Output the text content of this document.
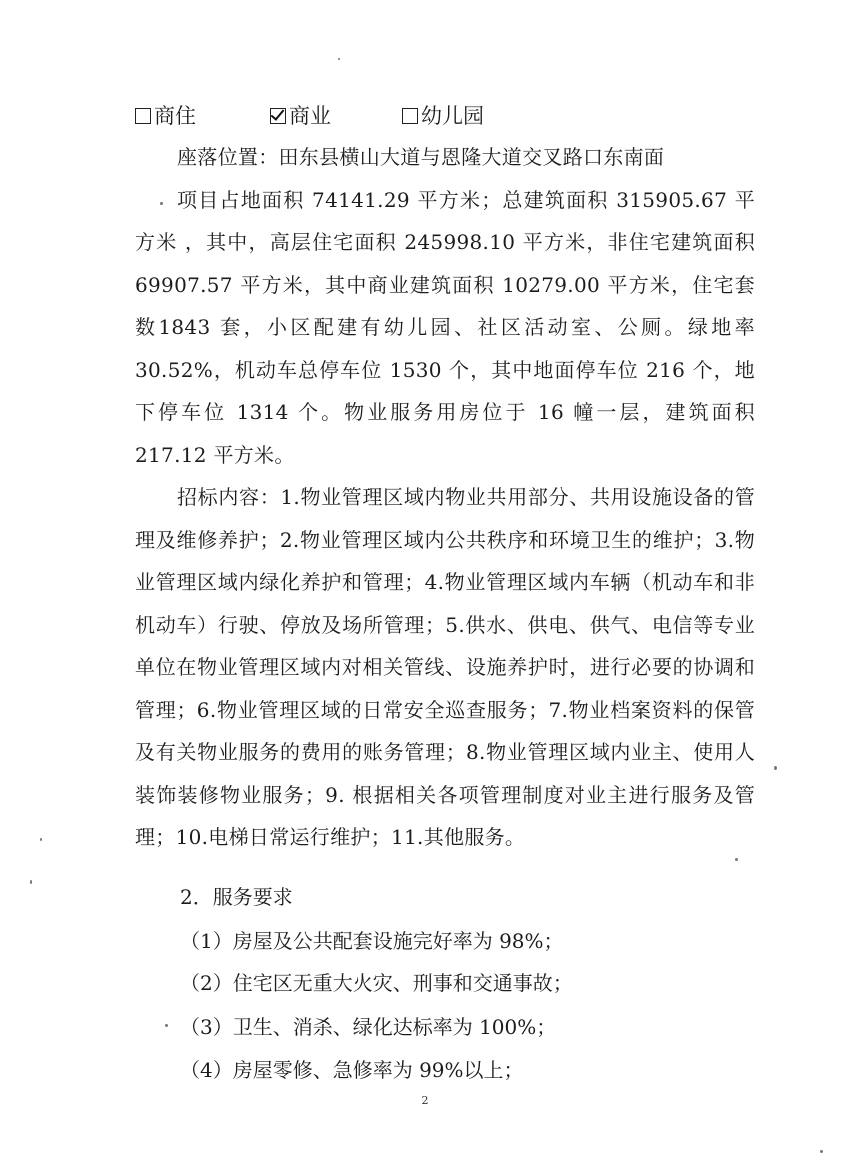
商住	商业	幼儿园

座落位置：田东县横山大道与恩隆大道交叉路口东南面

项目占地面积 74141.29 平方米；总建筑面积 315905.67 平方米 ，其中，高层住宅面积 245998.10 平方米，非住宅建筑面积 69907.57 平方米，其中商业建筑面积 10279.00 平方米，住宅套数1843 套，小区配建有幼儿园、社区活动室、公厕。绿地率 30.52%，机动车总停车位 1530 个，其中地面停车位 216 个，地下停车位 1314 个。物业服务用房位于 16 幢一层，建筑面积 217.12 平方米。

招标内容：1.物业管理区域内物业共用部分、共用设施设备的管理及维修养护；2.物业管理区域内公共秩序和环境卫生的维护；3.物业管理区域内绿化养护和管理；4.物业管理区域内车辆（机动车和非机动车）行驶、停放及场所管理；5.供水、供电、供气、电信等专业单位在物业管理区域内对相关管线、设施养护时，进行必要的协调和管理；6.物业管理区域的日常安全巡查服务；7.物业档案资料的保管及有关物业服务的费用的账务管理；8.物业管理区域内业主、使用人装饰装修物业服务；9. 根据相关各项管理制度对业主进行服务及管理；10.电梯日常运行维护；11.其他服务。

2．服务要求
（1）房屋及公共配套设施完好率为 98%；
（2）住宅区无重大火灾、刑事和交通事故；
（3）卫生、消杀、绿化达标率为 100%；
（4）房屋零修、急修率为 99%以上；
2
